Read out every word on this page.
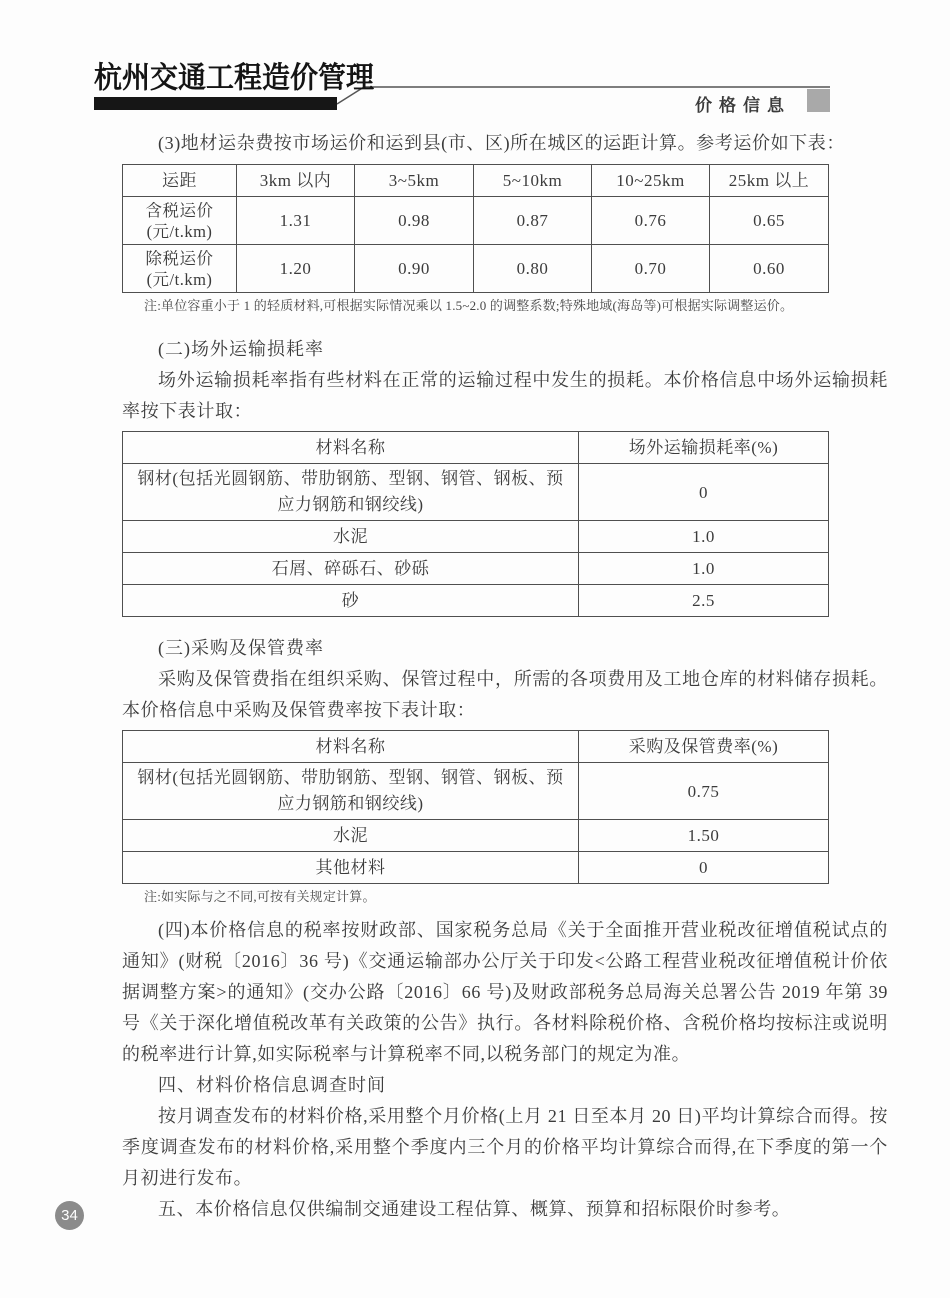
杭州交通工程造价管理
价格信息

(3)地材运杂费按市场运价和运到县(市、区)所在城区的运距计算。参考运价如下表：

运距	3km 以内	3~5km	5~10km	10~25km	25km 以上

含税运价
(元/t.km)	1.31	0.98	0.87	0.76	0.65

除税运价
(元/t.km)	1.20	0.90	0.80	0.70	0.60

注:单位容重小于 1 的轻质材料,可根据实际情况乘以 1.5~2.0 的调整系数;特殊地域(海岛等)可根据实际调整运价。

(二)场外运输损耗率

场外运输损耗率指有些材料在正常的运输过程中发生的损耗。本价格信息中场外运输损耗率按下表计取：

材料名称	场外运输损耗率(%)
钢材(包括光圆钢筋、带肋钢筋、型钢、钢管、钢板、预应力钢筋和钢绞线)	0
水泥	1.0
石屑、碎砾石、砂砾	1.0
砂	2.5

(三)采购及保管费率

采购及保管费指在组织采购、保管过程中，所需的各项费用及工地仓库的材料储存损耗。本价格信息中采购及保管费率按下表计取：

材料名称	采购及保管费率(%)
钢材(包括光圆钢筋、带肋钢筋、型钢、钢管、钢板、预应力钢筋和钢绞线)	0.75
水泥	1.50
其他材料	0

注:如实际与之不同,可按有关规定计算。

(四)本价格信息的税率按财政部、国家税务总局《关于全面推开营业税改征增值税试点的通知》(财税〔2016〕36 号)《交通运输部办公厅关于印发<公路工程营业税改征增值税计价依据调整方案>的通知》(交办公路〔2016〕66 号)及财政部税务总局海关总署公告 2019 年第 39 号《关于深化增值税改革有关政策的公告》执行。各材料除税价格、含税价格均按标注或说明的税率进行计算,如实际税率与计算税率不同,以税务部门的规定为准。

四、材料价格信息调查时间

按月调查发布的材料价格,采用整个月价格(上月 21 日至本月 20 日)平均计算综合而得。按季度调查发布的材料价格,采用整个季度内三个月的价格平均计算综合而得,在下季度的第一个月初进行发布。

五、本价格信息仅供编制交通建设工程估算、概算、预算和招标限价时参考。

34
